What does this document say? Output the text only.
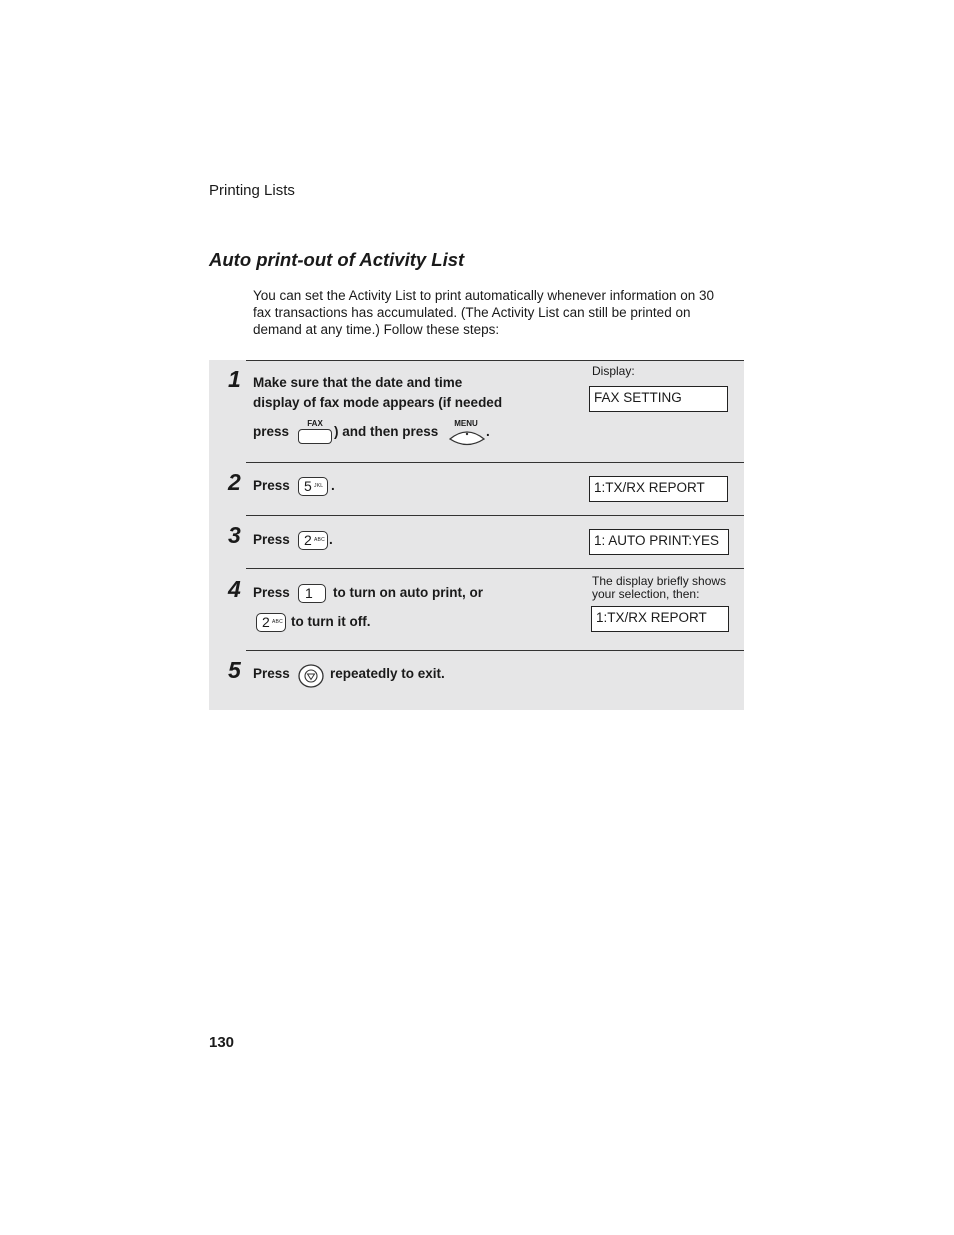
Printing Lists
Auto print-out of Activity List
You can set the Activity List to print automatically whenever information on 30
fax transactions has accumulated. (The Activity List can still be printed on
demand at any time.) Follow these steps:
1 Make sure that the date and time
display of fax mode appears (if needed
press
FAX
) and then press
MENU
.
Display:
FAX SETTING
2 Press 5 JKL .	1:TX/RX REPORT
3 Press 2 ABC .	1: AUTO PRINT:YES
4 Press 1 to turn on auto print, or
2 ABC to turn it off.
The display briefly shows
your selection, then:
1:TX/RX REPORT
5 Press	repeatedly to exit.
130
